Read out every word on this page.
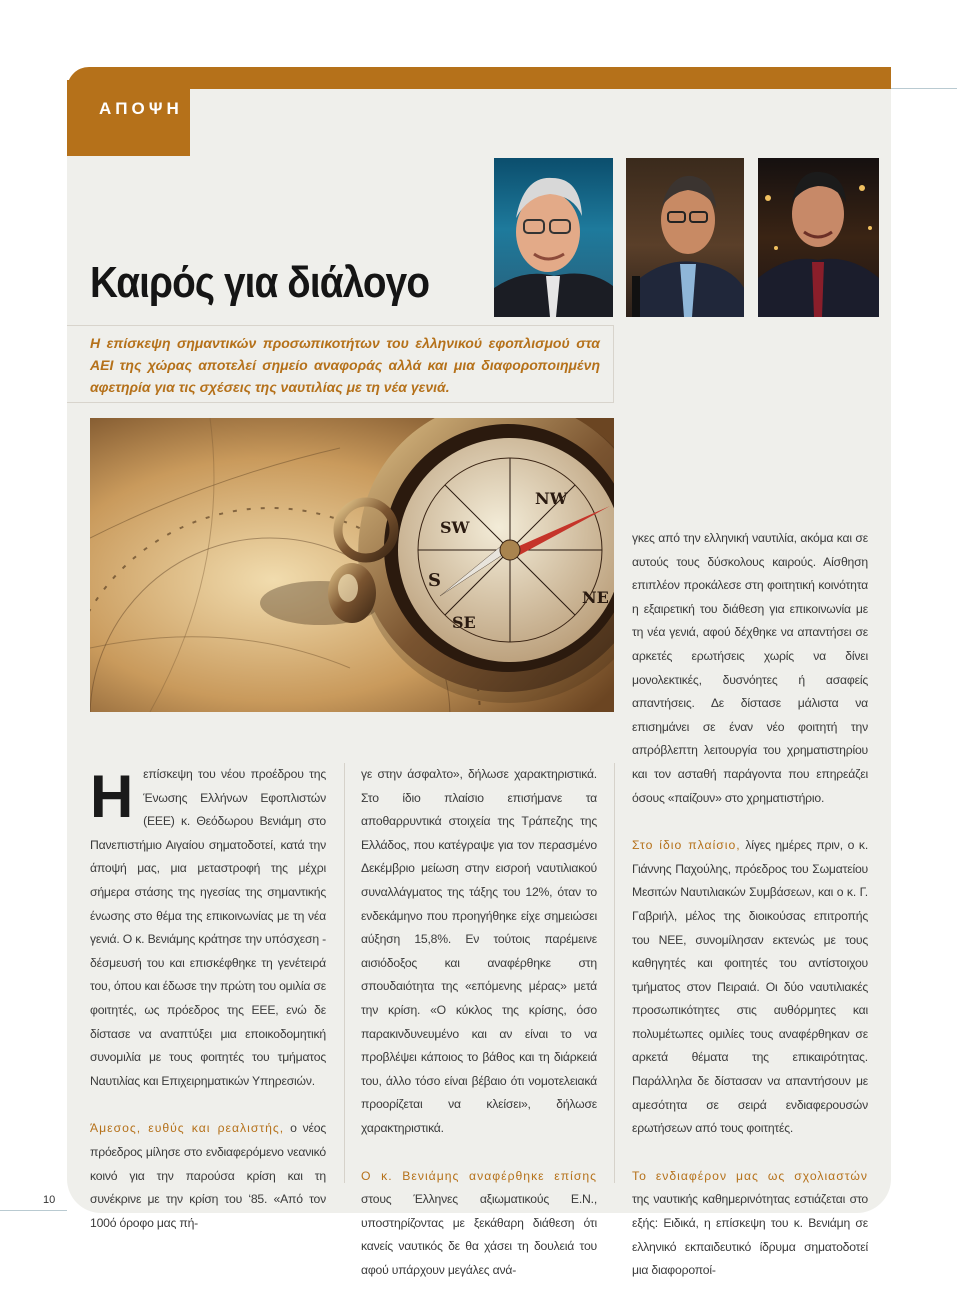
ΑΠΟΨΗ
Καιρός για διάλογο
Η επίσκεψη σημαντικών προσωπικοτήτων του ελληνικού εφοπλισμού στα ΑΕΙ της χώρας αποτελεί σημείο αναφοράς αλλά και μια διαφοροποιημένη αφετηρία για τις σχέσεις της ναυτιλίας με τη νέα γενιά.
NW
SW
SE
NE
S

Ηεπίσκεψη του νέου προέδρου της Ένωσης Ελλήνων Εφοπλιστών (ΕΕΕ) κ. Θεόδωρου Βενιάμη στο Πανεπιστήμιο Αιγαίου σηματοδοτεί, κατά την άποψή μας, μια μεταστροφή της μέχρι σήμερα στάσης της ηγεσίας της σημαντικής ένωσης στο θέμα της επικοινωνίας με τη νέα γενιά. Ο κ. Βενιάμης κράτησε την υπόσχεση - δέσμευσή του και επισκέφθηκε τη γενέτειρά του, όπου και έδωσε την πρώτη του ομιλία σε φοιτητές, ως πρόεδρος της ΕΕΕ, ενώ δε δίστασε να αναπτύξει μια εποικοδομητική συνομιλία με τους φοιτητές του τμήματος Ναυτιλίας και Επιχειρηματικών Υπηρεσιών.

Άμεσος, ευθύς και ρεαλιστής, ο νέος πρόεδρος μίλησε στο ενδιαφερόμενο νεανικό κοινό για την παρούσα κρίση και τη συνέκρινε με την κρίση του ‘85. «Από τον 100ό όροφο μας πή-

γε στην άσφαλτο», δήλωσε χαρακτηριστικά. Στο ίδιο πλαίσιο επισήμανε τα αποθαρρυντικά στοιχεία της Τράπεζης της Ελλάδος, που κατέγραψε για τον περασμένο Δεκέμβριο μείωση στην εισροή ναυτιλιακού συναλλάγματος της τάξης του 12%, όταν το ενδεκάμηνο που προηγήθηκε είχε σημειώσει αύξηση 15,8%. Εν τούτοις παρέμεινε αισιόδοξος και αναφέρθηκε στη σπουδαιότητα της «επόμενης μέρας» μετά την κρίση. «Ο κύκλος της κρίσης, όσο παρακινδυνευμένο και αν είναι το να προβλέψει κάποιος το βάθος και τη διάρκειά του, άλλο τόσο είναι βέβαιο ότι νομοτελειακά προορίζεται να κλείσει», δήλωσε χαρακτηριστικά.

Ο κ. Βενιάμης αναφέρθηκε επίσης στους Έλληνες αξιωματικούς Ε.Ν., υποστηρίζοντας με ξεκάθαρη διάθεση ότι κανείς ναυτικός δε θα χάσει τη δουλειά του αφού υπάρχουν μεγάλες ανά-

γκες από την ελληνική ναυτιλία, ακόμα και σε αυτούς τους δύσκολους καιρούς. Αίσθηση επιπλέον προκάλεσε στη φοιτητική κοινότητα η εξαιρετική του διάθεση για επικοινωνία με τη νέα γενιά, αφού δέχθηκε να απαντήσει σε αρκετές ερωτήσεις χωρίς να δίνει μονολεκτικές, δυσνόητες ή ασαφείς απαντήσεις. Δε δίστασε μάλιστα να επισημάνει σε έναν νέο φοιτητή την απρόβλεπτη λειτουργία του χρηματιστηρίου και τον ασταθή παράγοντα που επηρεάζει όσους «παίζουν» στο χρηματιστήριο.

Στο ίδιο πλαίσιο, λίγες ημέρες πριν, ο κ. Γιάννης Παχούλης, πρόεδρος του Σωματείου Μεσιτών Ναυτιλιακών Συμβάσεων, και ο κ. Γ. Γαβριήλ, μέλος της διοικούσας επιτροπής του ΝΕΕ, συνομίλησαν εκτενώς με τους καθηγητές και φοιτητές του αντίστοιχου τμήματος στον Πειραιά. Οι δύο ναυτιλιακές προσωπικότητες στις αυθόρμητες και πολυμέτωπες ομιλίες τους αναφέρθηκαν σε αρκετά θέματα της επικαιρότητας. Παράλληλα δε δίστασαν να απαντήσουν με αμεσότητα σε σειρά ενδιαφερουσών ερωτήσεων από τους φοιτητές.

Το ενδιαφέρον μας ως σχολιαστών της ναυτικής καθημερινότητας εστιάζεται στο εξής: Ειδικά, η επίσκεψη του κ. Βενιάμη σε ελληνικό εκπαιδευτικό ίδρυμα σηματοδοτεί μια διαφοροποί-

10
